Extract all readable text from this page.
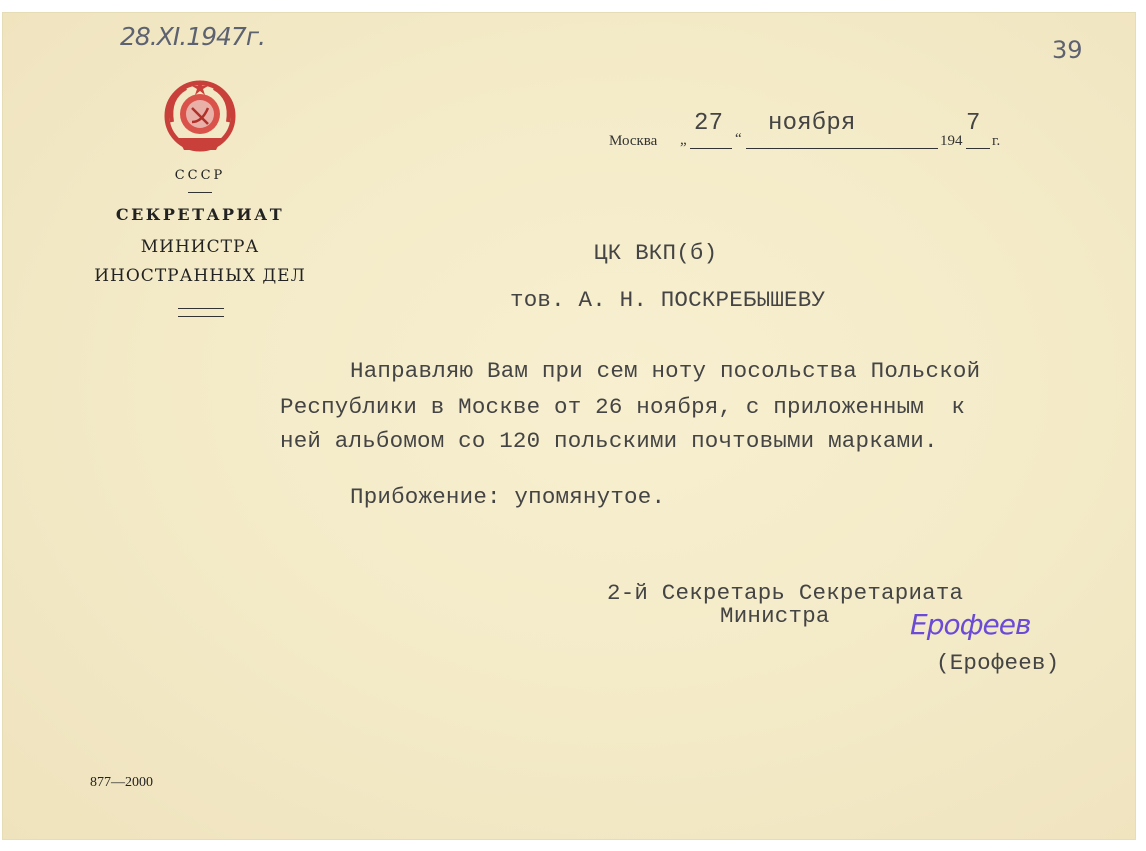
28.XI.1947г.	39
СССР
СЕКРЕТАРИАТ
МИНИСТРА
ИНОСТРАННЫХ ДЕЛ
Москва „
27
“
ноября
194
7
г.
ЦК ВКП(б)
тов. А. Н. ПОСКРЕБЫШЕВУ
Направляю Вам при сем ноту посольства Польской
Республики в Москве от 26 ноября, с приложенным  к
ней альбомом со 120 польскими почтовыми марками.
Прибожение: упомянутое.
2-й Секретарь Секретариата
Министра	Ерофеев
(Ерофеев)
877—2000
